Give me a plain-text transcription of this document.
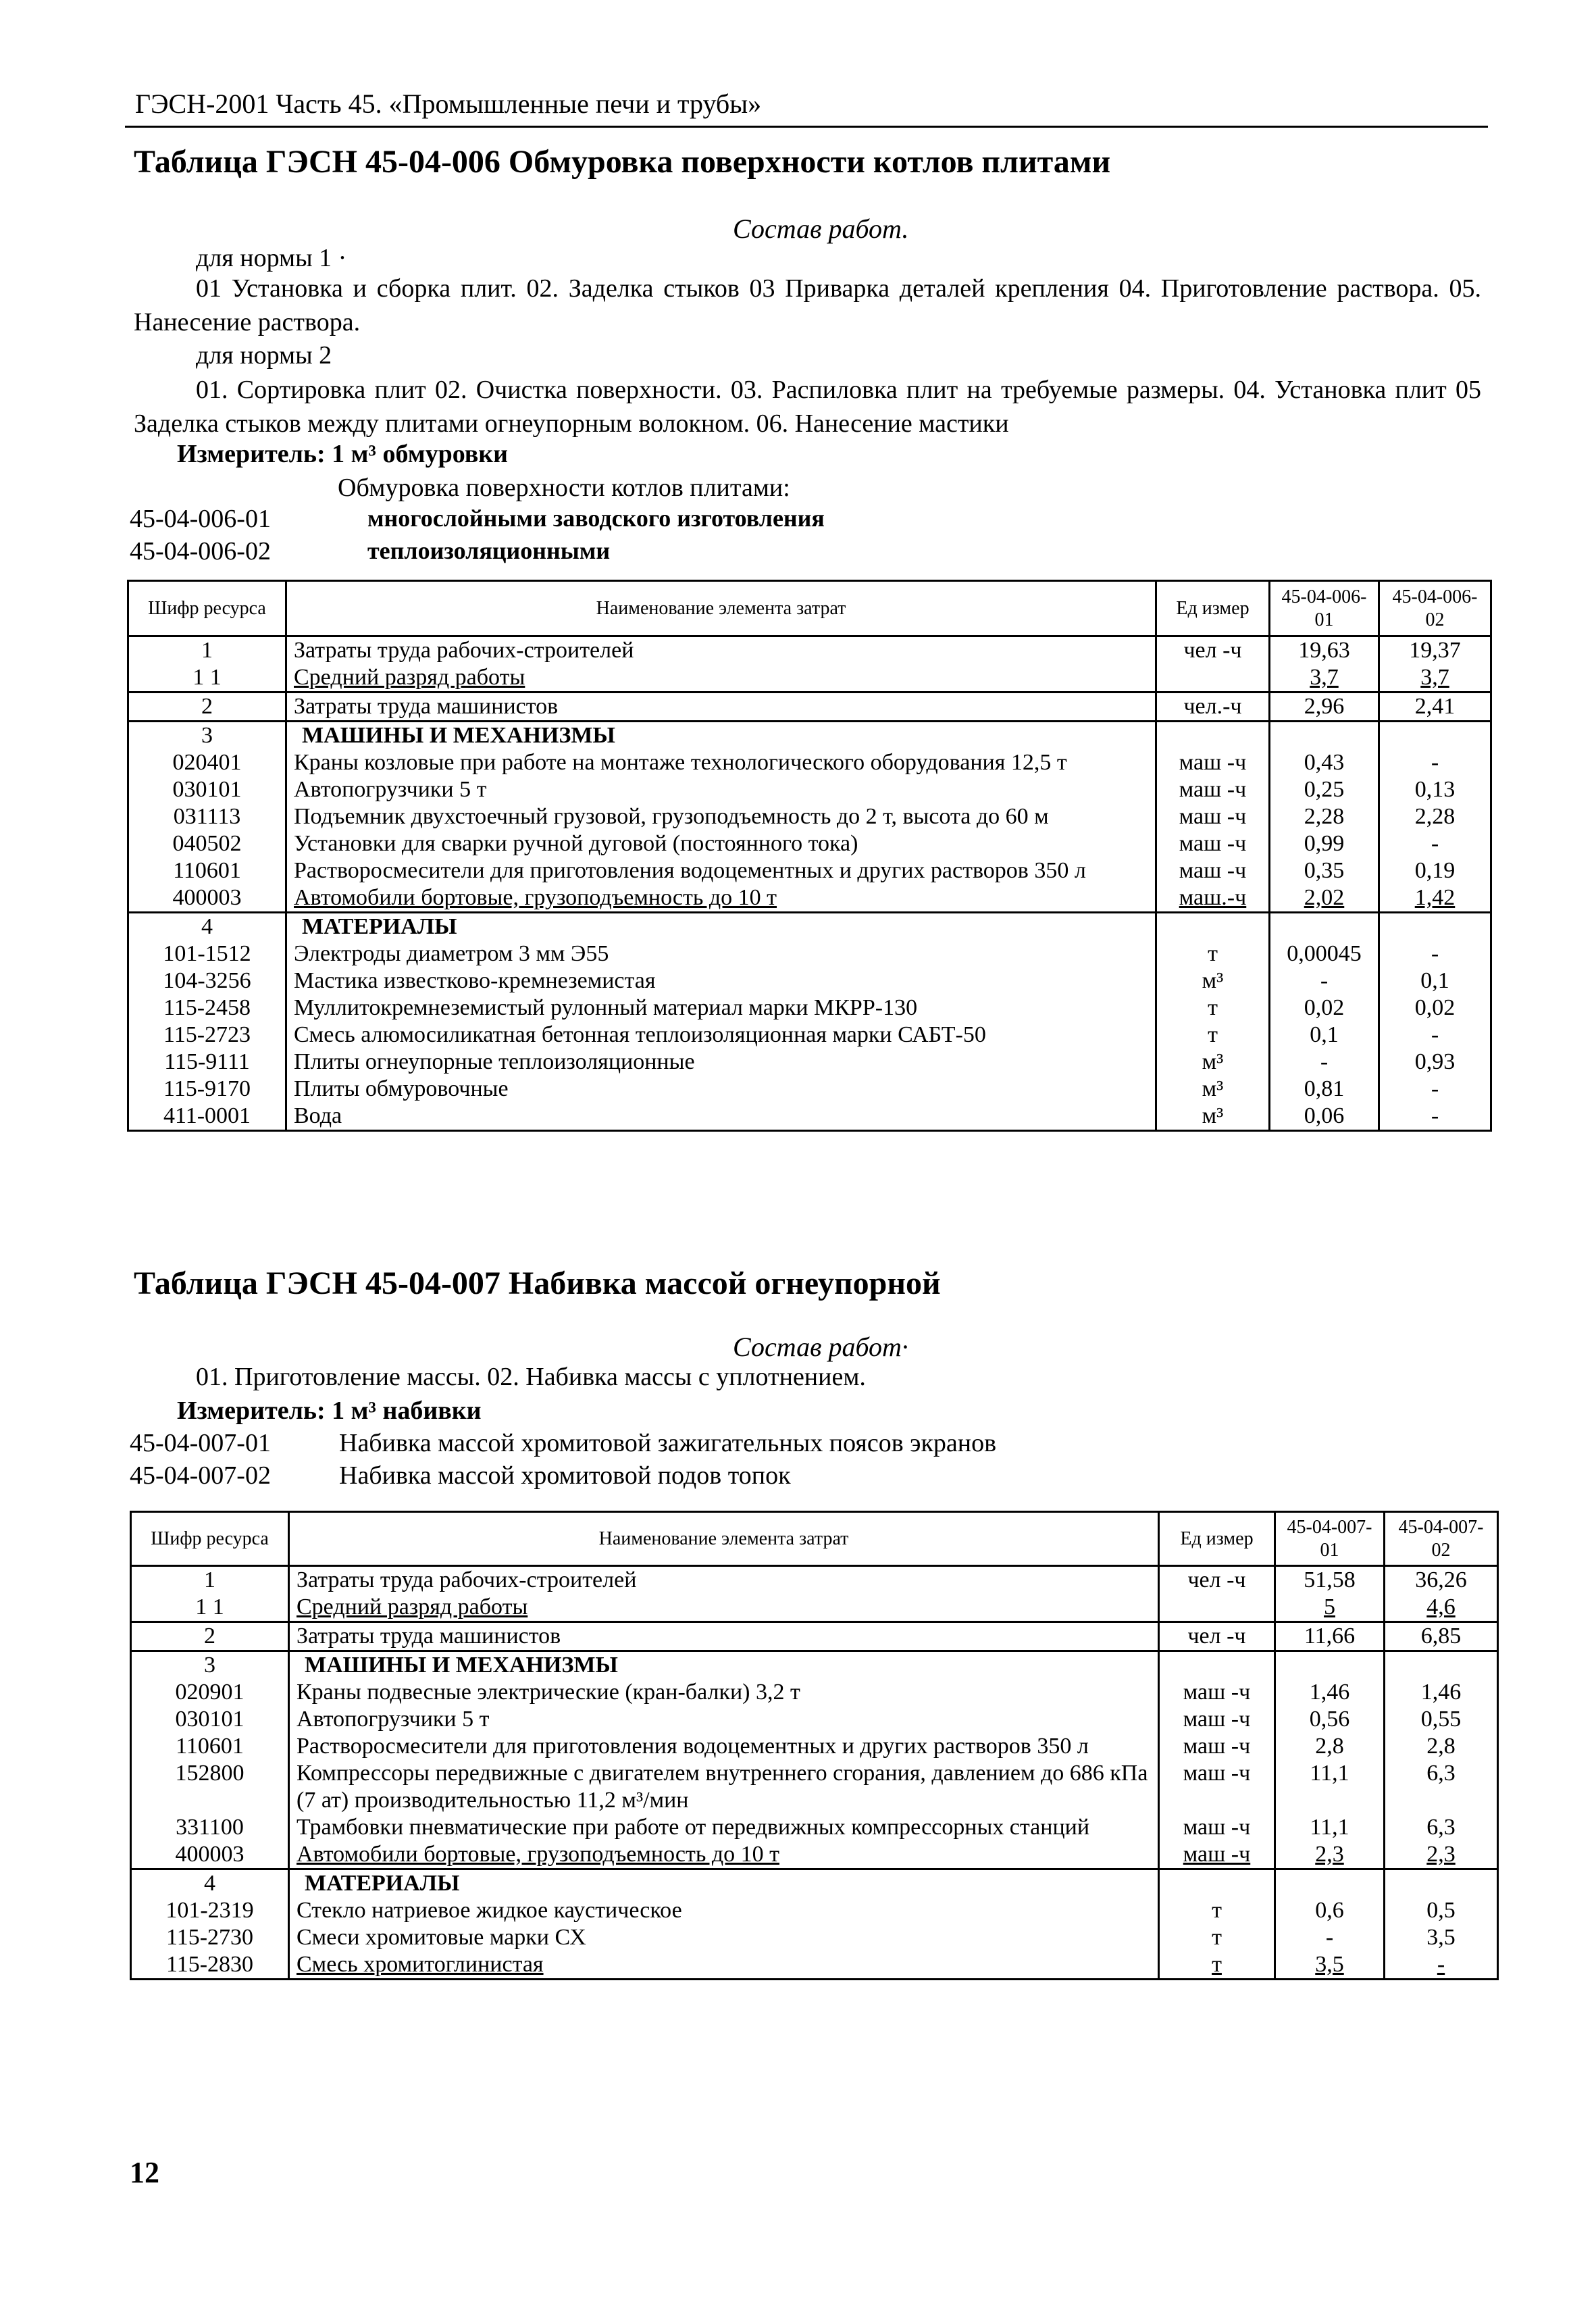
ГЭСН-2001 Часть 45. «Промышленные печи и трубы»
Таблица ГЭСН 45-04-006 Обмуровка поверхности котлов плитами
Состав работ.
для нормы 1 ·
01 Установка и сборка плит. 02. Заделка стыков 03 Приварка деталей крепления 04. Приготовление раствора. 05. Нанесение раствора.
для нормы 2
01. Сортировка плит 02. Очистка поверхности. 03. Распиловка плит на требуемые размеры. 04. Установка плит 05 Заделка стыков между плитами огнеупорным волокном. 06. Нанесение мастики
Измеритель: 1 м³ обмуровки
Обмуровка поверхности котлов плитами:
45-04-006-01	многослойными заводского изготовления
45-04-006-02	теплоизоляционными
Шифр ресурса	Наименование элемента затрат	Ед измер	45-04-006-01	45-04-006-02
1	Затраты труда рабочих-строителей	чел -ч	19,63	19,37
1 1	Средний разряд работы		3,7	3,7
2	Затраты труда машинистов	чел.-ч	2,96	2,41
3	МАШИНЫ И МЕХАНИЗМЫ			
020401	Краны козловые при работе на монтаже технологического оборудования 12,5 т	маш -ч	0,43	-
030101	Автопогрузчики 5 т	маш -ч	0,25	0,13
031113	Подъемник двухстоечный грузовой, грузоподъемность до 2 т, высота до 60 м	маш -ч	2,28	2,28
040502	Установки для сварки ручной дуговой (постоянного тока)	маш -ч	0,99	-
110601	Растворосмесители для приготовления водоцементных и других растворов 350 л	маш -ч	0,35	0,19
400003	Автомобили бортовые, грузоподъемность до 10 т	маш.-ч	2,02	1,42
4	МАТЕРИАЛЫ			
101-1512	Электроды диаметром 3 мм Э55	т	0,00045	-
104-3256	Мастика известково-кремнеземистая	м³	-	0,1
115-2458	Муллитокремнеземистый рулонный материал марки МКРР-130	т	0,02	0,02
115-2723	Смесь алюмосиликатная бетонная теплоизоляционная марки САБТ-50	т	0,1	-
115-9111	Плиты огнеупорные теплоизоляционные	м³	-	0,93
115-9170	Плиты обмуровочные	м³	0,81	-
411-0001	Вода	м³	0,06	-
Таблица ГЭСН 45-04-007 Набивка массой огнеупорной
Состав работ·
01. Приготовление массы. 02. Набивка массы с уплотнением.
Измеритель: 1 м³ набивки
45-04-007-01	Набивка массой хромитовой зажигательных поясов экранов
45-04-007-02	Набивка массой хромитовой подов топок
Шифр ресурса	Наименование элемента затрат	Ед измер	45-04-007-01	45-04-007-02
1	Затраты труда рабочих-строителей	чел -ч	51,58	36,26
1 1	Средний разряд работы		5	4,6
2	Затраты труда машинистов	чел -ч	11,66	6,85
3	МАШИНЫ И МЕХАНИЗМЫ			
020901	Краны подвесные электрические (кран-балки) 3,2 т	маш -ч	1,46	1,46
030101	Автопогрузчики 5 т	маш -ч	0,56	0,55
110601	Растворосмесители для приготовления водоцементных и других растворов 350 л	маш -ч	2,8	2,8
152800	Компрессоры передвижные с двигателем внутреннего сгорания, давлением до 686 кПа (7 ат) производительностью 11,2 м³/мин	маш -ч	11,1	6,3
331100	Трамбовки пневматические при работе от передвижных компрессорных станций	маш -ч	11,1	6,3
400003	Автомобили бортовые, грузоподъемность до 10 т	маш -ч	2,3	2,3
4	МАТЕРИАЛЫ			
101-2319	Стекло натриевое жидкое каустическое	т	0,6	0,5
115-2730	Смеси хромитовые марки СХ	т	-	3,5
115-2830	Смесь хромитоглинистая	т	3,5	-
12
